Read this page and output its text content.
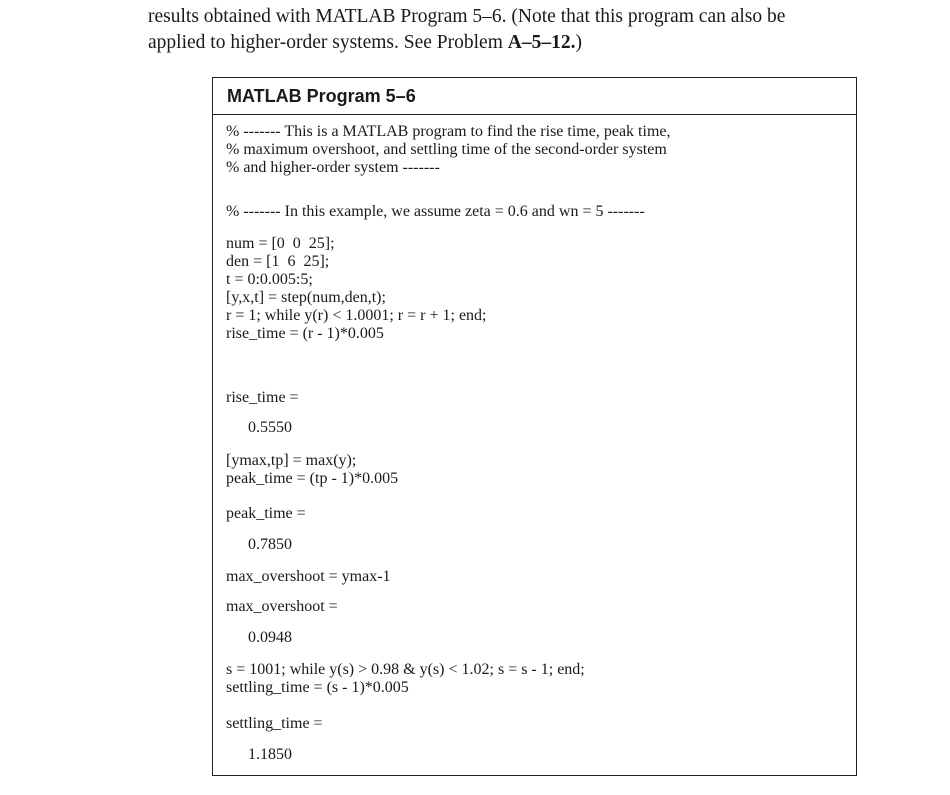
results obtained with MATLAB Program 5–6. (Note that this program can also be
applied to higher-order systems. See Problem A–5–12.)
MATLAB Program 5–6
% ------- This is a MATLAB program to find the rise time, peak time,
% maximum overshoot, and settling time of the second-order system
% and higher-order system -------
% ------- In this example, we assume zeta = 0.6 and wn = 5 -------
num = [0  0  25];
den = [1  6  25];
t = 0:0.005:5;
[y,x,t] = step(num,den,t);
r = 1; while y(r) < 1.0001; r = r + 1; end;
rise_time = (r - 1)*0.005
rise_time =
0.5550
[ymax,tp] = max(y);
peak_time = (tp - 1)*0.005
peak_time =
0.7850
max_overshoot = ymax-1
max_overshoot =
0.0948
s = 1001; while y(s) > 0.98 & y(s) < 1.02; s = s - 1; end;
settling_time = (s - 1)*0.005
settling_time =
1.1850
